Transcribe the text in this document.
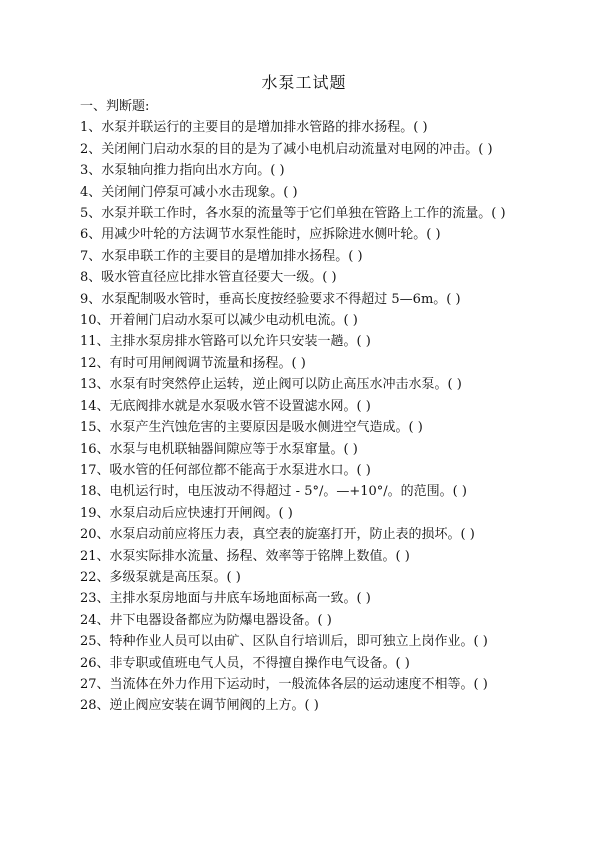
水泵工试题

一、判断题:

1、水泵并联运行的主要目的是增加排水管路的排水扬程。( )

2、关闭闸门启动水泵的目的是为了减小电机启动流量对电网的冲击。( )

3、水泵轴向推力指向出水方向。( )

4、关闭闸门停泵可减小水击现象。( )

5、水泵并联工作时，各水泵的流量等于它们单独在管路上工作的流量。( )

6、用减少叶轮的方法调节水泵性能时，应拆除进水侧叶轮。( )

7、水泵串联工作的主要目的是增加排水扬程。( )

8、吸水管直径应比排水管直径要大一级。( )

9、水泵配制吸水管时，垂高长度按经验要求不得超过 5—6m。( )

10、开着闸门启动水泵可以减少电动机电流。( )

11、主排水泵房排水管路可以允许只安装一趟。( )

12、有时可用闸阀调节流量和扬程。( )

13、水泵有时突然停止运转，逆止阀可以防止高压水冲击水泵。( )

14、无底阀排水就是水泵吸水管不设置滤水网。( )

15、水泵产生汽蚀危害的主要原因是吸水侧进空气造成。( )

16、水泵与电机联轴器间隙应等于水泵窜量。( )

17、吸水管的任何部位都不能高于水泵进水口。( )

18、电机运行时，电压波动不得超过 - 5°/。—+10°/。的范围。( )

19、水泵启动后应快速打开闸阀。( )

20、水泵启动前应将压力表，真空表的旋塞打开，防止表的损坏。( )

21、水泵实际排水流量、扬程、效率等于铭牌上数值。( )

22、多级泵就是高压泵。( )

23、主排水泵房地面与井底车场地面标高一致。( )

24、井下电器设备都应为防爆电器设备。( )

25、特种作业人员可以由矿、区队自行培训后，即可独立上岗作业。( )

26、非专职或值班电气人员，不得擅自操作电气设备。( )

27、当流体在外力作用下运动时，一般流体各层的运动速度不相等。( )

28、逆止阀应安装在调节闸阀的上方。( )
